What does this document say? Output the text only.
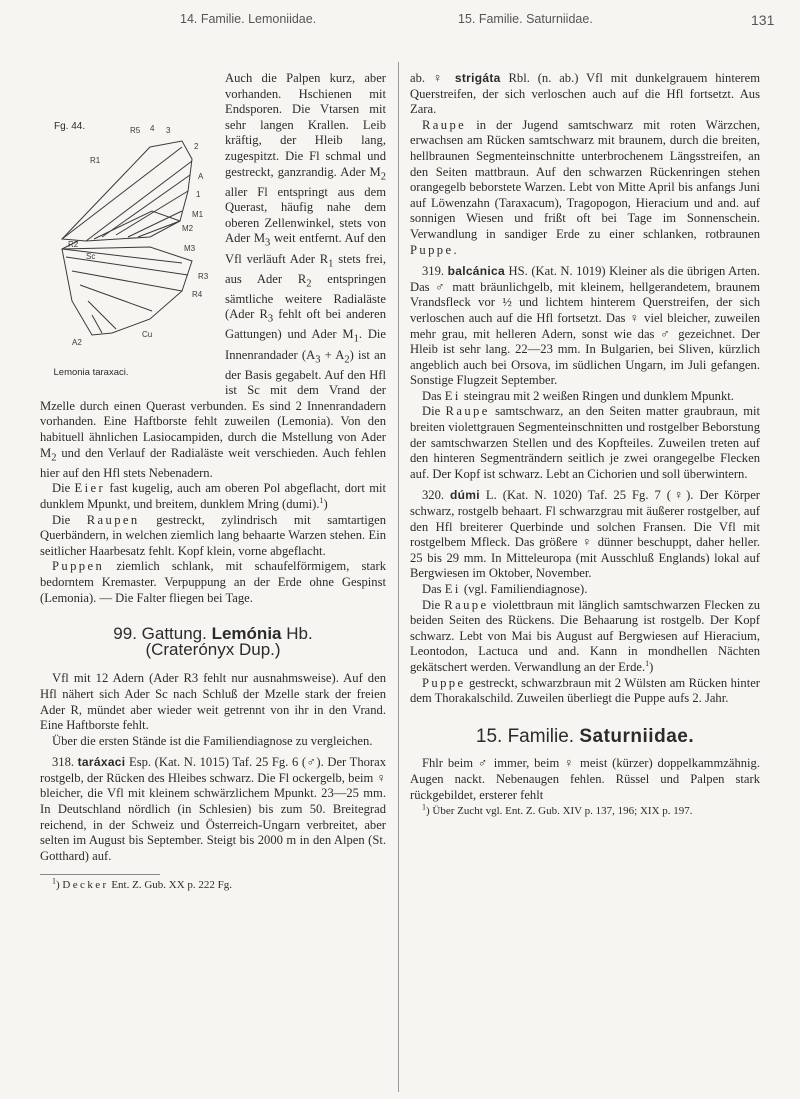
14. Familie. Lemoniidae.	15. Familie. Saturniidae.	131

R5 4 3
2
A
1
M1
M2
M3
R1
R2
R3
R4
Sc
Cu
A2
Fg. 44.
Lemonia taraxaci.
Auch die Palpen kurz, aber vorhanden. Hschienen mit Endsporen. Die Vtarsen mit sehr langen Krallen. Leib kräftig, der Hleib lang, zugespitzt. Die Fl schmal und gestreckt, ganzrandig. Ader $M_2$ aller Fl entspringt aus dem Querast, häufig nahe dem oberen Zellenwinkel, stets von Ader $M_3$ weit entfernt. Auf den Vfl verläuft Ader $R_1$ stets frei, aus Ader $R_2$ entspringen sämtliche weitere Radialäste (Ader $R_3$ fehlt oft bei anderen Gattungen) und Ader $M_1$. Die Innenrandader $(A_3 + A_2)$ ist an der Basis gegabelt. Auf den Hfl ist Sc mit dem Vrand der Mzelle durch einen Querast verbunden. Es sind 2 Innenrandadern vorhanden. Eine Haftborste fehlt zuweilen (Lemonia). Von den habituell ähnlichen Lasiocampiden, durch die Mstellung von Ader $M_2$ und den Verlauf der Radialäste weit verschieden. Auch fehlen hier auf den Hfl stets Nebenadern.

Die Eier fast kugelig, auch am oberen Pol abgeflacht, dort mit dunklem Mpunkt, und breitem, dunklem Mring (dumi).$^1$)

Die Raupen gestreckt, zylindrisch mit samtartigen Querbändern, in welchen ziemlich lang behaarte Warzen stehen. Ein seitlicher Haarbesatz fehlt. Kopf klein, vorne abgeflacht.

Puppen ziemlich schlank, mit schaufelförmigem, stark bedorntem Kremaster. Verpuppung an der Erde ohne Gespinst (Lemonia). — Die Falter fliegen bei Tage.

99. Gattung. Lemónia Hb.

(Craterónyx Dup.)

Vfl mit 12 Adern (Ader R3 fehlt nur ausnahmsweise). Auf den Hfl nähert sich Ader Sc nach Schluß der Mzelle stark der freien Ader R, mündet aber wieder weit getrennt von ihr in den Vrand. Eine Haftborste fehlt.

Über die ersten Stände ist die Familiendiagnose zu vergleichen.

318. taráxaci Esp. (Kat. N. 1015) Taf. 25 Fg. 6 (♂). Der Thorax rostgelb, der Rücken des Hleibes schwarz. Die Fl ockergelb, beim ♀ bleicher, die Vfl mit kleinem schwärzlichem Mpunkt. 23—25 mm. In Deutschland nördlich (in Schlesien) bis zum 50. Breitegrad reichend, in der Schweiz und Österreich-Ungarn verbreitet, aber selten im August bis September. Steigt bis 2000 m in den Alpen (St. Gotthard) auf.

$^1$) Decker Ent. Z. Gub. XX p. 222 Fg.

ab. ♀ strigáta Rbl. (n. ab.) Vfl mit dunkelgrauem hinterem Querstreifen, der sich verloschen auch auf die Hfl fortsetzt. Aus Zara.

Raupe in der Jugend samtschwarz mit roten Wärzchen, erwachsen am Rücken samtschwarz mit braunem, durch die breiten, hellbraunen Segmenteinschnitte unterbrochenem Längsstreifen, an den Seiten mattbraun. Auf den schwarzen Rückenringen stehen orangegelb beborstete Warzen. Lebt von Mitte April bis anfangs Juni auf Löwenzahn (Taraxacum), Tragopogon, Hieracium und and. auf sonnigen Wiesen und frißt oft bei Tage im Sonnenschein. Verwandlung in sandiger Erde zu einer schlanken, rotbraunen Puppe.

319. balcánica HS. (Kat. N. 1019) Kleiner als die übrigen Arten. Das ♂ matt bräunlichgelb, mit kleinem, hellgerandetem, braunem Vrandsfleck vor ½ und lichtem hinterem Querstreifen, der sich verloschen auch auf die Hfl fortsetzt. Das ♀ viel bleicher, zuweilen mehr grau, mit helleren Adern, sonst wie das ♂ gezeichnet. Der Hleib ist sehr lang. 22—23 mm. In Bulgarien, bei Sliven, kürzlich angeblich auch bei Orsova, im südlichen Ungarn, im Juli gefangen. Sonstige Flugzeit September.

Das Ei steingrau mit 2 weißen Ringen und dunklem Mpunkt.

Die Raupe samtschwarz, an den Seiten matter graubraun, mit breiten violettgrauen Segmenteinschnitten und rostgelber Beborstung der samtschwarzen Stellen und des Kopfteiles. Zuweilen treten auf den hinteren Segmenträndern seitlich je zwei orangegelbe Flecken auf. Der Kopf ist schwarz. Lebt an Cichorien und soll überwintern.

320. dúmi L. (Kat. N. 1020) Taf. 25 Fg. 7 (♀). Der Körper schwarz, rostgelb behaart. Fl schwarzgrau mit äußerer rostgelber, auf den Hfl breiterer Querbinde und solchen Fransen. Die Vfl mit rostgelbem Mfleck. Das größere ♀ dünner beschuppt, daher heller. 25 bis 29 mm. In Mitteleuropa (mit Ausschluß Englands) lokal auf Bergwiesen im Oktober, November.

Das Ei (vgl. Familiendiagnose).

Die Raupe violettbraun mit länglich samtschwarzen Flecken zu beiden Seiten des Rückens. Die Behaarung ist rostgelb. Der Kopf schwarz. Lebt von Mai bis August auf Bergwiesen auf Hieracium, Leontodon, Lactuca und and. Kann in mondhellen Nächten gekätschert werden. Verwandlung an der Erde.$^1$)

Puppe gestreckt, schwarzbraun mit 2 Wülsten am Rücken hinter dem Thorakalschild. Zuweilen überliegt die Puppe aufs 2. Jahr.

15. Familie. Saturniidae.

Fhlr beim ♂ immer, beim ♀ meist (kürzer) doppelkammzähnig. Augen nackt. Nebenaugen fehlen. Rüssel und Palpen stark rückgebildet, ersterer fehlt

$^1$) Über Zucht vgl. Ent. Z. Gub. XIV p. 137, 196; XIX p. 197.
